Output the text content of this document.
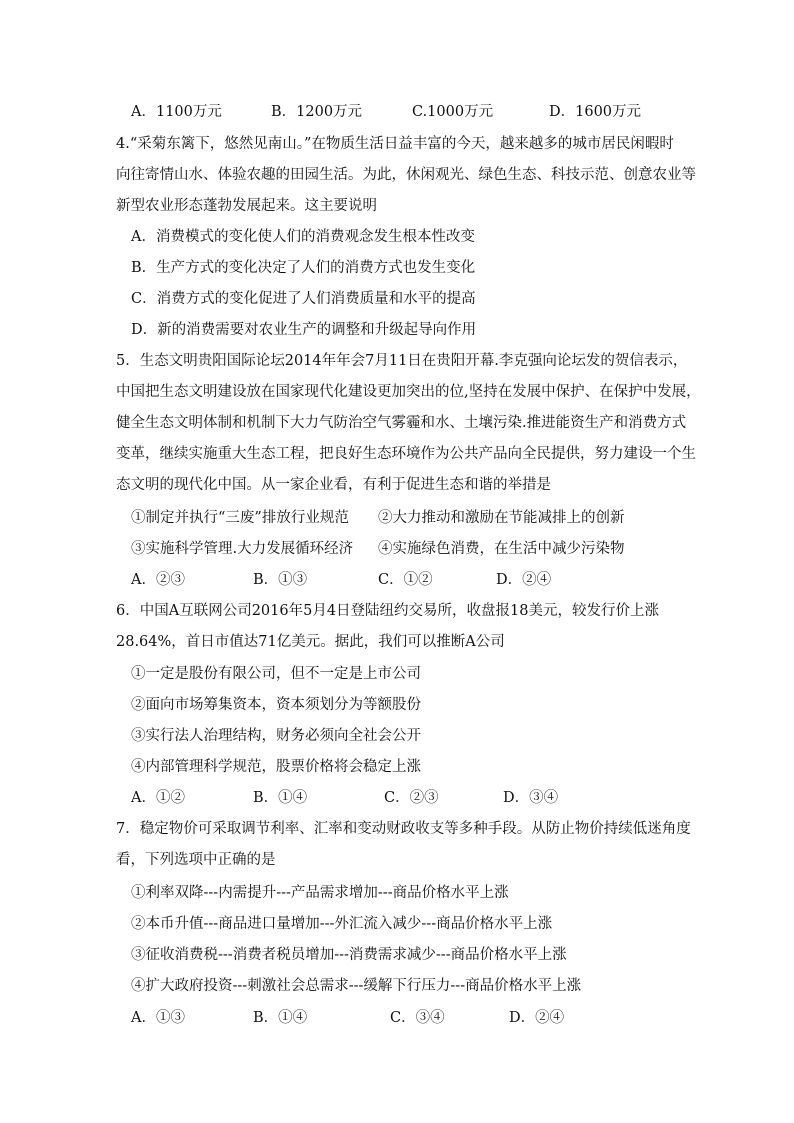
A．1100万元	B．1200万元	C.1000万元	D．1600万元
4.“采菊东篱下，悠然见南山。”在物质生活日益丰富的今天，越来越多的城市居民闲暇时
向往寄情山水、体验农趣的田园生活。为此，休闲观光、绿色生态、科技示范、创意农业等
新型农业形态蓬勃发展起来。这主要说明
A．消费模式的变化使人们的消费观念发生根本性改变
B．生产方式的变化决定了人们的消费方式也发生变化
C．消费方式的变化促进了人们消费质量和水平的提高
D．新的消费需要对农业生产的调整和升级起导向作用
5．生态文明贵阳国际论坛2014年年会7月11日在贵阳开幕.李克强向论坛发的贺信表示，
中国把生态文明建设放在国家现代化建设更加突出的位,坚持在发展中保护、在保护中发展，
健全生态文明体制和机制下大力气防治空气雾霾和水、土壤污染.推进能资生产和消费方式
变革，继续实施重大生态工程，把良好生态环境作为公共产品向全民提供，努力建设一个生
态文明的现代化中国。从一家企业看，有利于促进生态和谐的举措是
①制定并执行“三废”排放行业规范 ②大力推动和激励在节能减排上的创新
③实施科学管理.大力发展循环经济 ④实施绿色消费，在生活中减少污染物
A．②③	B．①③	C．①②	D．②④
6．中国A互联网公司2016年5月4日登陆纽约交易所，收盘报18美元，较发行价上涨
28.64%，首日市值达71亿美元。据此，我们可以推断A公司
①一定是股份有限公司，但不一定是上市公司
②面向市场筹集资本，资本须划分为等额股份
③实行法人治理结构，财务必须向全社会公开
④内部管理科学规范，股票价格将会稳定上涨
A．①②	B．①④	C．②③	D．③④
7．稳定物价可采取调节利率、汇率和变动财政收支等多种手段。从防止物价持续低迷角度
看，下列选项中正确的是
①利率双降---内需提升---产品需求增加---商品价格水平上涨
②本币升值---商品进口量增加---外汇流入减少---商品价格水平上涨
③征收消费税---消费者税员增加---消费需求减少---商品价格水平上涨
④扩大政府投资---刺激社会总需求---缓解下行压力---商品价格水平上涨
A．①③	B．①④	C．③④	D．②④
